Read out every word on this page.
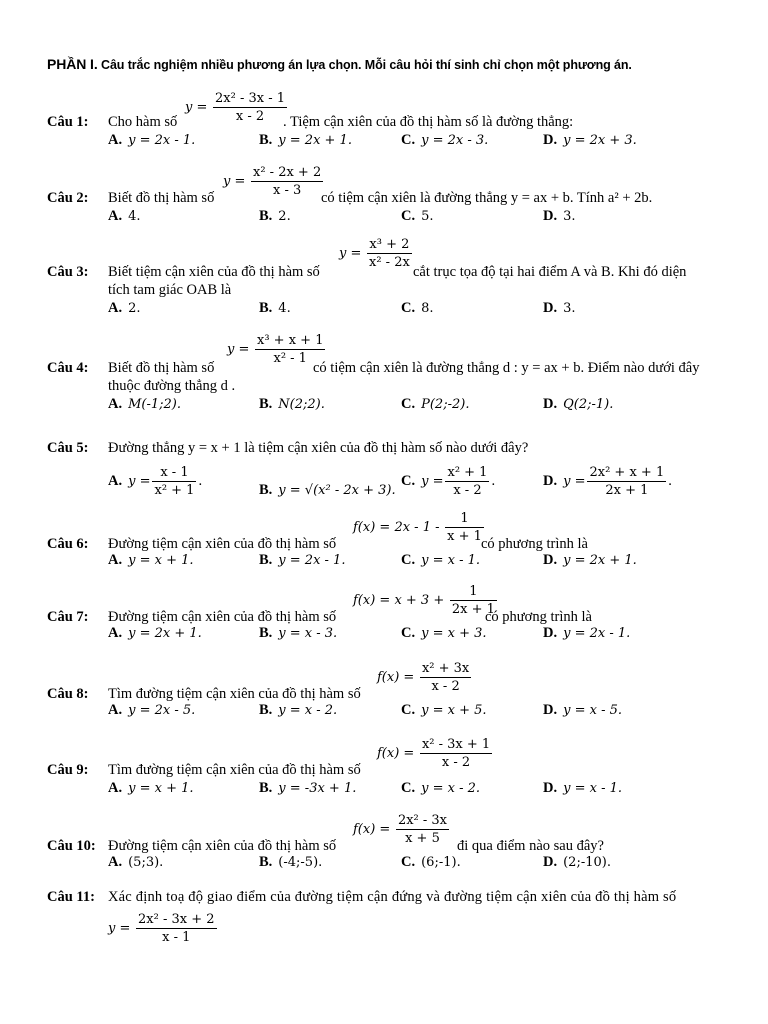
PHẦN I. Câu trắc nghiệm nhiều phương án lựa chọn. Mỗi câu hỏi thí sinh chỉ chọn một phương án.
Câu 1: Cho hàm số
$y = \frac{\text{2x² - 3x - 1}}{x - 2}$
. Tiệm cận xiên của đồ thị hàm số là đường thẳng:
A. y = 2x - 1.	B. y = 2x + 1.	C. y = 2x - 3.	D. y = 2x + 3.
Câu 2: Biết đồ thị hàm số
$y = \frac{\text{x² - 2x + 2}}{x - 3}$
có tiệm cận xiên là đường thẳng y = ax + b. Tính a² + 2b.
A. 4.	B. 2.	C. 5.	D. 3.
Câu 3: Biết tiệm cận xiên của đồ thị hàm số
$y = \frac{\text{x³ + 2}}{\text{x² - 2x}}$
cắt trục tọa độ tại hai điểm A và B. Khi đó diện
tích tam giác OAB là
A. 2.	B. 4.	C. 8.	D. 3.
Câu 4: Biết đồ thị hàm số
$y = \frac{\text{x³ + x + 1}}{\text{x² - 1}}$
có tiệm cận xiên là đường thẳng d : y = ax + b. Điểm nào dưới đây
thuộc đường thẳng d .
A. M(-1;2).	B. N(2;2).	C. P(2;-2).	D. Q(2;-1).
Câu 5: Đường thẳng y = x + 1 là tiệm cận xiên của đồ thị hàm số nào dưới đây?
A. $y = \frac{x - 1}{\text{x² + 1}}$ .
B. y = √(x² - 2x + 3).
C. $y = \frac{\text{x² + 1}}{x - 2}$ .	D. $y = \frac{\text{2x² + x + 1}}{2x + 1}$ .
Câu 6: Đường tiệm cận xiên của đồ thị hàm số
$f(x) = 2x - 1 - \frac{1}{x + 1}$
có phương trình là
A. y = x + 1.	B. y = 2x - 1.	C. y = x - 1.	D. y = 2x + 1.
Câu 7: Đường tiệm cận xiên của đồ thị hàm số
$f(x) = x + 3 + \frac{1}{2x + 1}$
có phương trình là
A. y = 2x + 1.	B. y = x - 3.	C. y = x + 3.	D. y = 2x - 1.
Câu 8: Tìm đường tiệm cận xiên của đồ thị hàm số
$f(x) = \frac{\text{x² + 3x}}{x - 2}$
A. y = 2x - 5.	B. y = x - 2.	C. y = x + 5.	D. y = x - 5.
Câu 9: Tìm đường tiệm cận xiên của đồ thị hàm số
$f(x) = \frac{\text{x² - 3x + 1}}{x - 2}$
A. y = x + 1.	B. y = -3x + 1.	C. y = x - 2.	D. y = x - 1.
Câu 10: Đường tiệm cận xiên của đồ thị hàm số
$f(x) = \frac{\text{2x² - 3x}}{x + 5}$
đi qua điểm nào sau đây?
A. (5;3).	B. (-4;-5).	C. (6;-1).	D. (2;-10).
Câu 11: Xác định toạ độ giao điểm của đường tiệm cận đứng và đường tiệm cận xiên của đồ thị hàm số
$y = \frac{\text{2x² - 3x + 2}}{x - 1}$
